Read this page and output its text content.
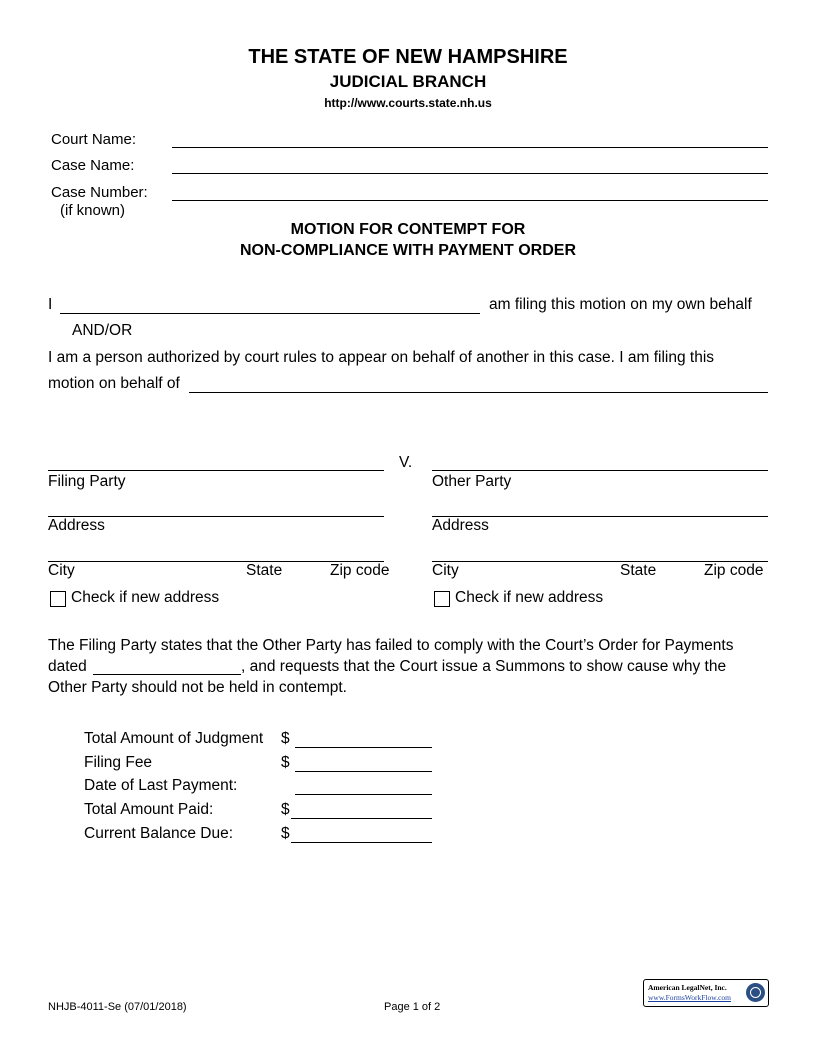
THE STATE OF NEW HAMPSHIRE
JUDICIAL BRANCH
http://www.courts.state.nh.us
Court Name:
Case Name:
Case Number:
(if known)
MOTION FOR CONTEMPT FOR
NON-COMPLIANCE WITH PAYMENT ORDER
I	am filing this motion on my own behalf
AND/OR
I am a person authorized by court rules to appear on behalf of another in this case. I am filing this
motion on behalf of
V.
Filing Party	Other Party
Address	Address
City	State	Zip code	City	State	Zip code
Check if new address	Check if new address
The Filing Party states that the Other Party has failed to comply with the Court’s Order for Payments
dated	, and requests that the Court issue a Summons to show cause why the
Other Party should not be held in contempt.
Total Amount of Judgment $
Filing Fee	$
Date of Last Payment:
Total Amount Paid:	$
Current Balance Due:	$
NHJB-4011-Se (07/01/2018)	Page 1 of 2
American LegalNet, Inc.
www.FormsWorkFlow.com
